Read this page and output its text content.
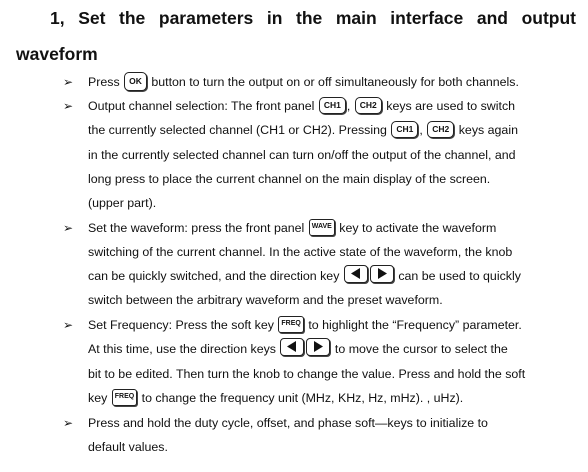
1, Set the parameters in the main interface and output
waveform
➢
➢
➢
➢
➢
Press OK button to turn the output on or off simultaneously for both channels.
Output channel selection: The front panel CH1 , CH2 keys are used to switch
the currently selected channel (CH1 or CH2). Pressing CH1 , CH2 keys again
in the currently selected channel can turn on/off the output of the channel, and
long press to place the current channel on the main display of the screen.
(upper part).
Set the waveform: press the front panel WAVE key to activate the waveform
switching of the current channel. In the active state of the waveform, the knob
can be quickly switched, and the direction key	can be used to quickly
switch between the arbitrary waveform and the preset waveform.
Set Frequency: Press the soft key FREQ to highlight the “Frequency” parameter.
At this time, use the direction keys	to move the cursor to select the
bit to be edited. Then turn the knob to change the value. Press and hold the soft
key FREQ to change the frequency unit (MHz, KHz, Hz, mHz). , uHz).
Press and hold the duty cycle, offset, and phase soft—keys to initialize to
default values.
